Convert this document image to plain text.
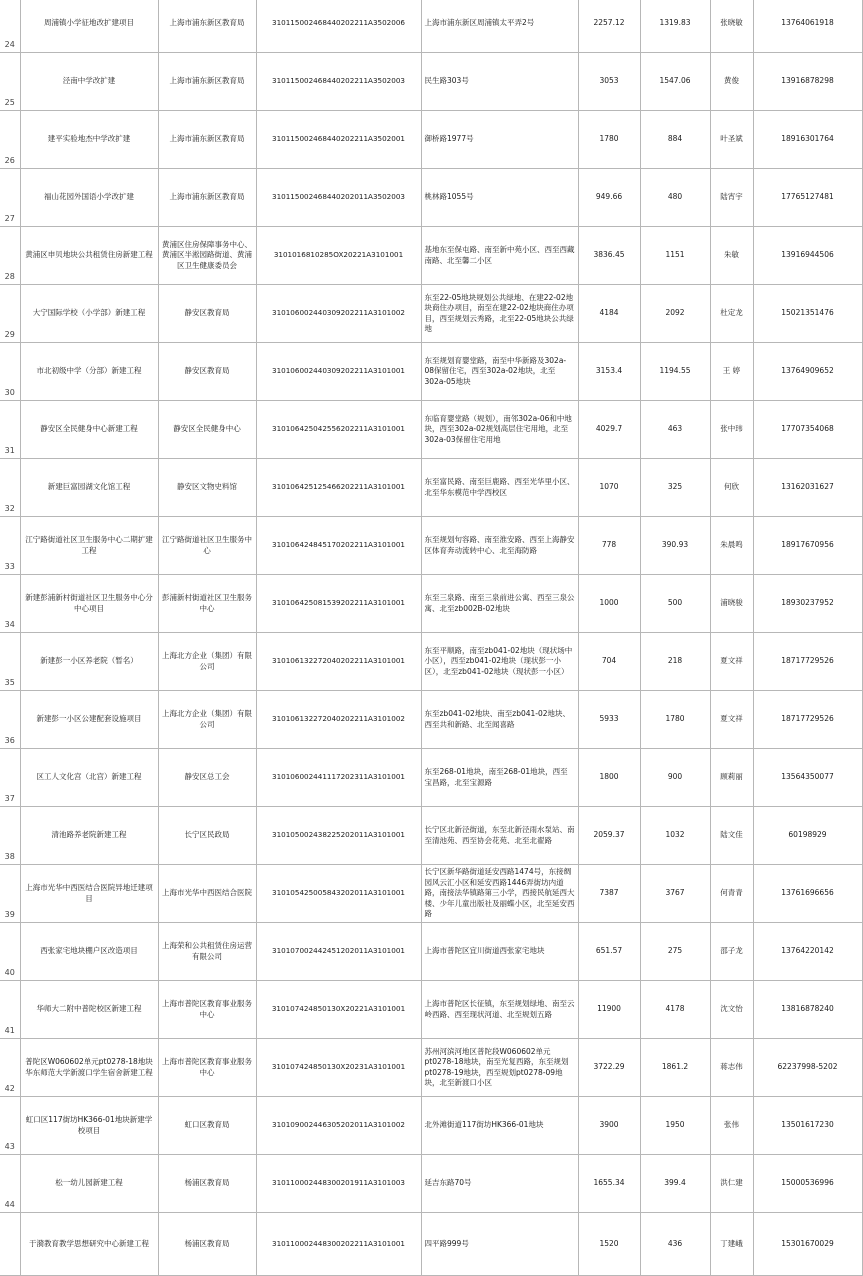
24	周浦镇小学征地改扩建项目	上海市浦东新区教育局	310115002468440202211A3502006	上海市浦东新区周浦镇太平弄2号	2257.12	1319.83	张晓敏	13764061918
25	泾南中学改扩建	上海市浦东新区教育局	310115002468440202211A3502003	民生路303号	3053	1547.06	黄俊	13916878298
26	建平实验地杰中学改扩建	上海市浦东新区教育局	310115002468440202211A3502001	御桥路1977号	1780	884	叶圣斌	18916301764
27	福山花园外国语小学改扩建	上海市浦东新区教育局	310115002468440202011A3502003	桃林路1055号	949.66	480	陆宵宇	17765127481
28	黄浦区申贝地块公共租赁住房新建工程	黄浦区住房保障事务中心、黄浦区半淞园路街道、黄浦区卫生健康委员会	3101016810285OX20221A3101001	基地东至保屯路、南至新中苑小区、西至西藏南路、北至馨二小区	3836.45	1151	朱敏	13916944506
29	大宁国际学校（小学部）新建工程	静安区教育局	310106002440309202211A3101002	东至22-05地块规划公共绿地、在建22-02地块商住办项目，南至在建22-02地块商住办项目，西至规划云秀路，北至22-05地块公共绿地	4184	2092	杜定龙	15021351476
30	市北初级中学（分部）新建工程	静安区教育局	310106002440309202211A3101001	东至规划育婴堂路，南至中华新路及302a-08保留住宅，西至302a-02地块，北至302a-05地块	3153.4	1194.55	王 婷	13764909652
31	静安区全民健身中心新建工程	静安区全民健身中心	310106425042556202211A3101001	东临育婴堂路（规划），南邻302a-06和中地块，西至302a-02规划高层住宅用地，北至302a-03保留住宅用地	4029.7	463	张中玮	17707354068
32	新建巨富园湖文化馆工程	静安区文物史料馆	310106425125466202211A3101001	东至富民路、南至巨鹿路、西至光华里小区、北至华东模范中学西校区	1070	325	何欣	13162031627
33	江宁路街道社区卫生服务中心二期扩建工程	江宁路街道社区卫生服务中心	310106424845170202211A3101001	东至规划句容路、南至淮安路、西至上海静安区体育奔动流转中心、北至海防路	778	390.93	朱晨鸣	18917670956
34	新建彭浦新村街道社区卫生服务中心分中心项目	彭浦新村街道社区卫生服务中心	310106425081539202211A3101001	东至三泉路、南至三泉前进公寓、西至三泉公寓、北至zb002B-02地块	1000	500	浦晓骏	18930237952
35	新建彭一小区养老院（暂名）	上海北方企业（集团）有限公司	310106132272040202211A3101001	东至平顺路，南至zb041-02地块（现状场中小区），西至zb041-02地块（现状彭一小区），北至zb041-02地块（现状彭一小区）	704	218	夏文祥	18717729526
36	新建彭一小区公建配套设施项目	上海北方企业（集团）有限公司	310106132272040202211A3101002	东至zb041-02地块、南至zb041-02地块、西至共和新路、北至闻喜路	5933	1780	夏文祥	18717729526
37	区工人文化宫（北宫）新建工程	静安区总工会	310106002441117202311A3101001	东至268-01地块，南至268-01地块，西至宝昌路，北至宝源路	1800	900	顾莉丽	13564350077
38	清池路养老院新建工程	长宁区民政局	310105002438225202011A3101001	长宁区北新泾街道，东至北新泾雨水泵站、南至清池苑、西至协会花苑、北至北翟路	2059.37	1032	陆文佳	60198929
39	上海市光华中西医结合医院异地迁建项目	上海市光华中西医结合医院	310105425005843202011A3101001	长宁区新华路街道延安西路1474号，东接绸园风云汇小区和延安西路1446弄街坊内道路，南接法华镇路第三小学，西接民航延西大楼、少年儿童出版社及丽蝶小区，北至延安西路	7387	3767	何青青	13761696656
40	西张家宅地块棚户区改造项目	上海荣和公共租赁住房运营有限公司	310107002442451202011A3101001	上海市普陀区宜川街道西张家宅地块	651.57	275	邵子龙	13764220142
41	华师大二附中普陀校区新建工程	上海市普陀区教育事业服务中心	310107424850130X20221A3101001	上海市普陀区长征镇，东至规划绿地、南至云岭西路、西至现状河道、北至规划五路	11900	4178	沈文怡	13816878240
42	普陀区W060602单元pt0278-18地块华东师范大学新渡口学生宿舍新建工程	上海市普陀区教育事业服务中心	310107424850130X20231A3101001	苏州河滨河地区普陀段W060602单元pt0278-18地块，南至光复西路，东至规划pt0278-19地块，西至规划pt0278-09地块，北至新渡口小区	3722.29	1861.2	蒋志伟	62237998-5202
43	虹口区117街坊HK366-01地块新建学校项目	虹口区教育局	310109002446305202011A3101002	北外滩街道117街坊HK366-01地块	3900	1950	张伟	13501617230
44	松一幼儿园新建工程	杨浦区教育局	310110002448300201911A3101003	延吉东路70号	1655.34	399.4	洪仁建	15000536996
	于漪教育教学思想研究中心新建工程	杨浦区教育局	310110002448300202211A3101001	四平路999号	1520	436	丁建峨	15301670029
